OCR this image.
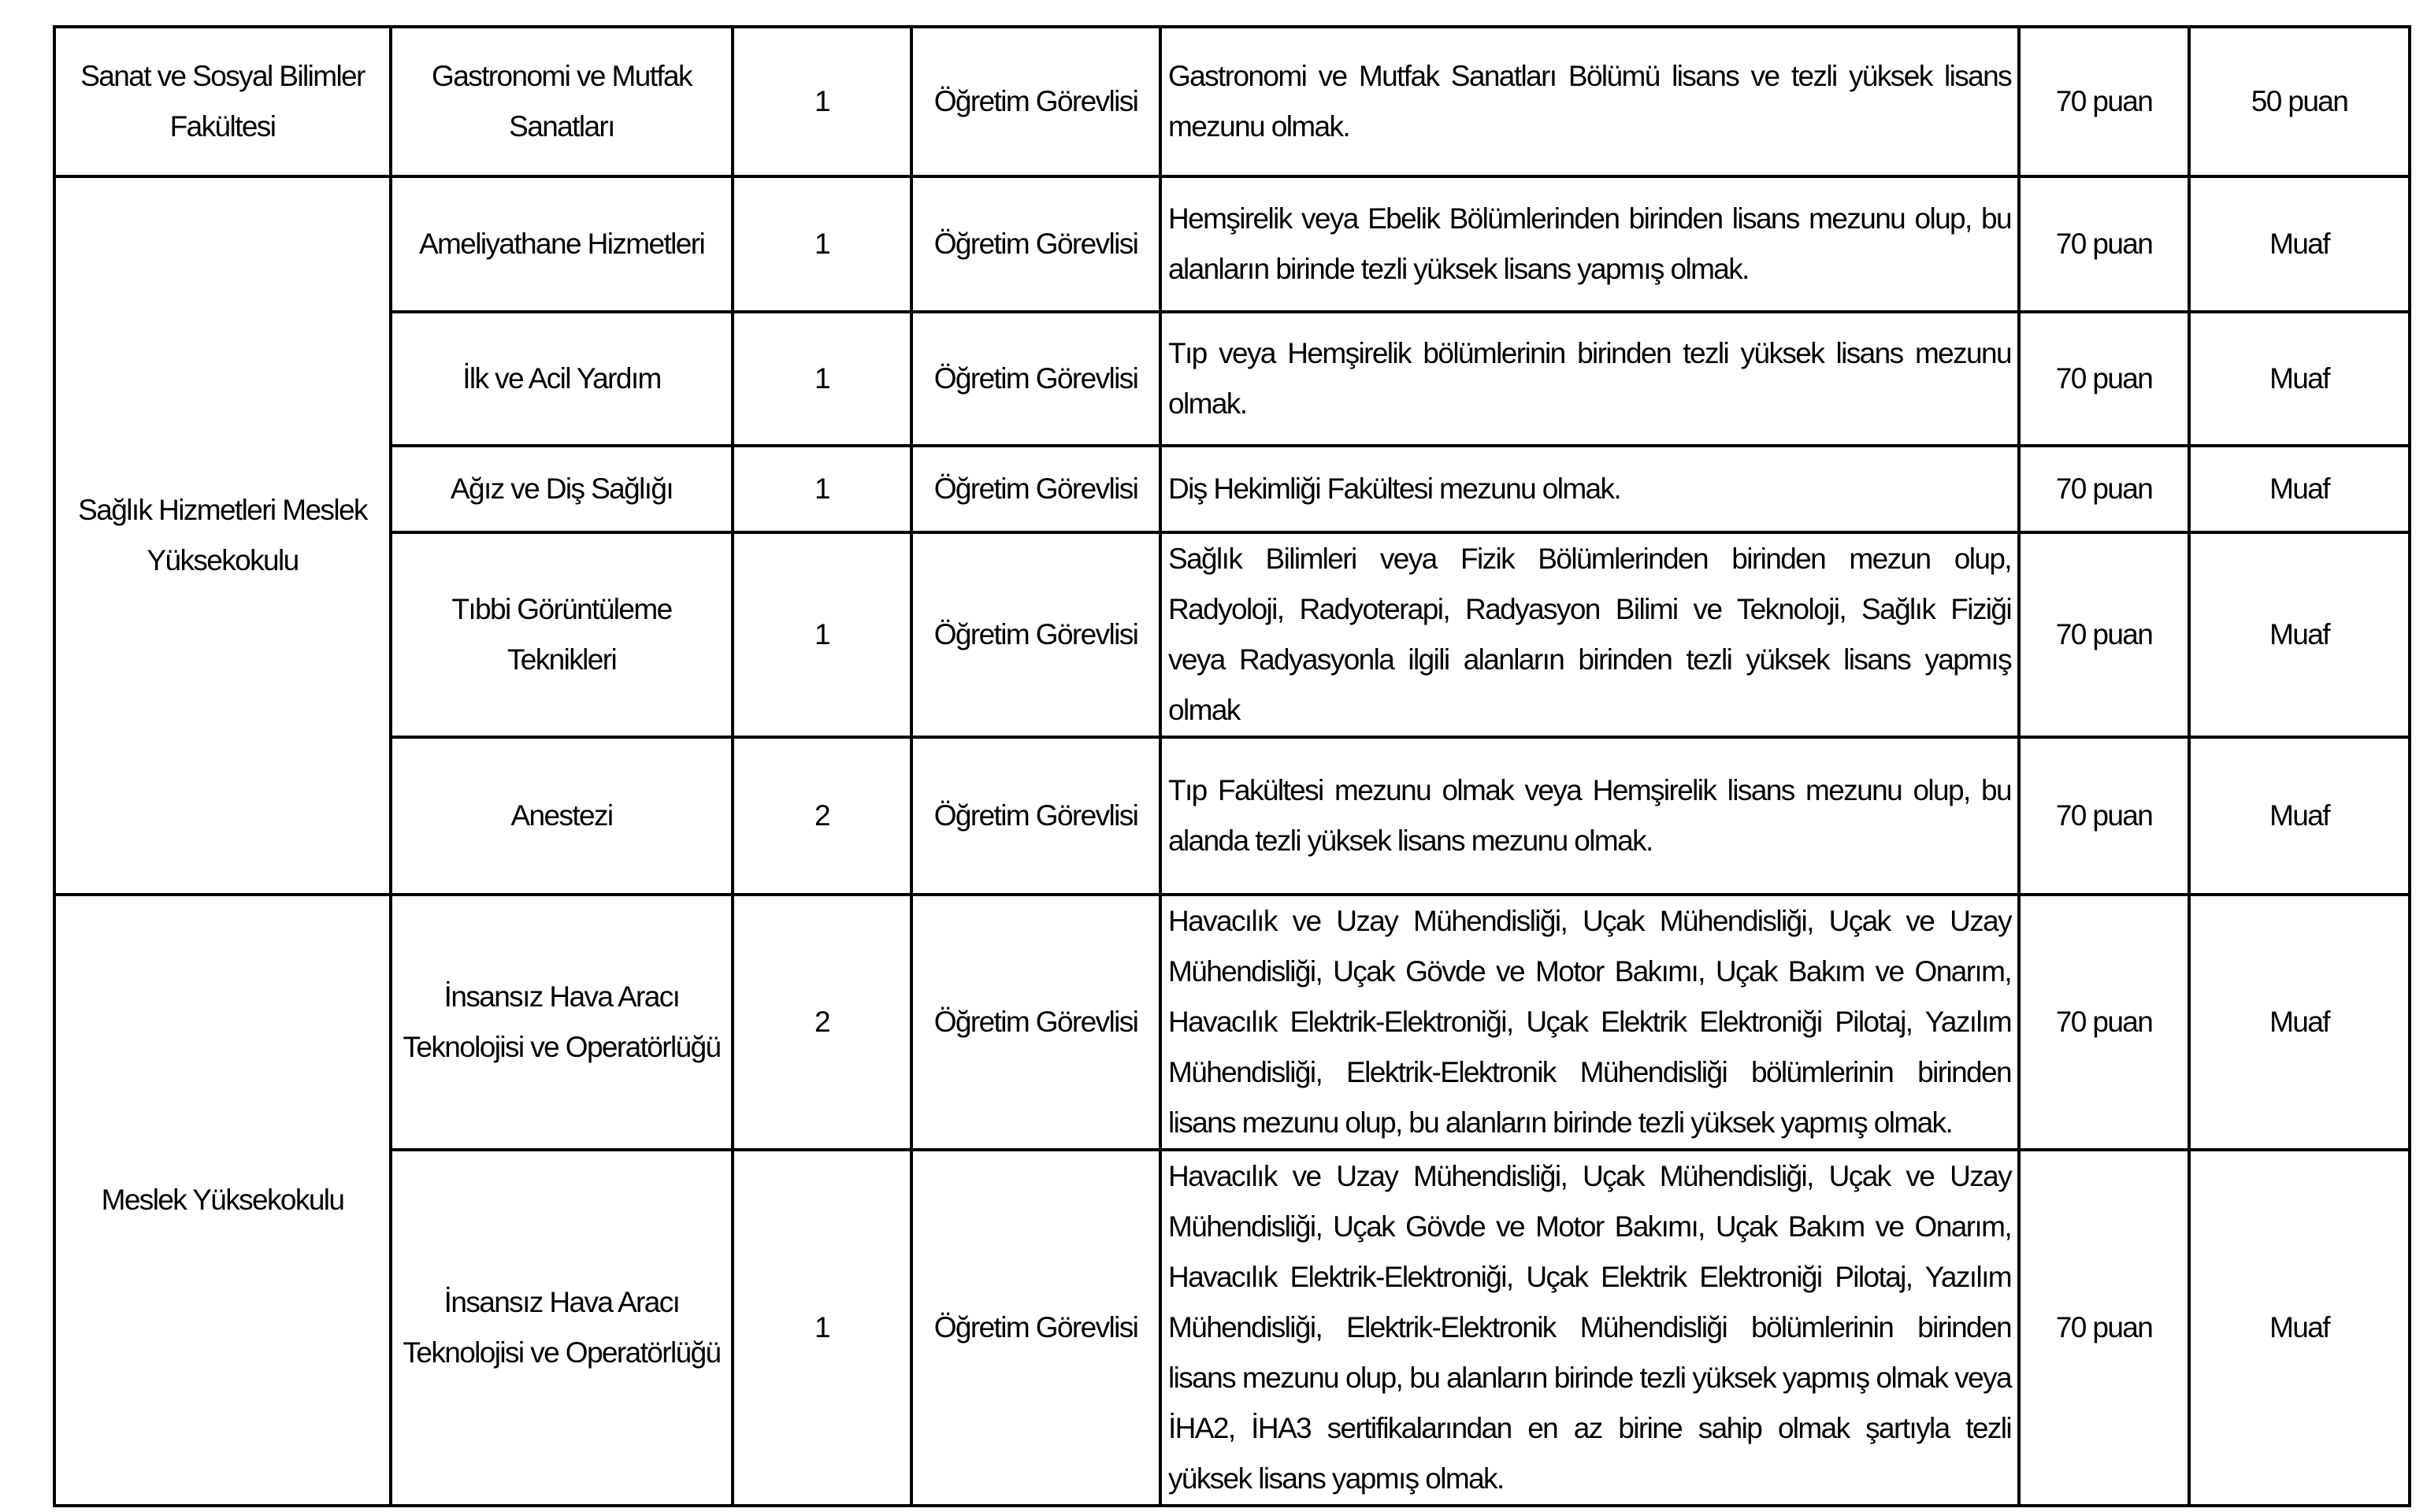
Sanat ve Sosyal Bilimler Fakültesi	Gastronomi ve Mutfak Sanatları	1	Öğretim Görevlisi	Gastronomi ve Mutfak Sanatları Bölümü lisans ve tezli yüksek lisans mezunu olmak.	70 puan	50 puan
Sağlık Hizmetleri Meslek Yüksekokulu	Ameliyathane Hizmetleri	1	Öğretim Görevlisi	Hemşirelik veya Ebelik Bölümlerinden birinden lisans mezunu olup, bu alanların birinde tezli yüksek lisans yapmış olmak.	70 puan	Muaf
	İlk ve Acil Yardım	1	Öğretim Görevlisi	Tıp veya Hemşirelik bölümlerinin birinden tezli yüksek lisans mezunu olmak.	70 puan	Muaf
	Ağız ve Diş Sağlığı	1	Öğretim Görevlisi	Diş Hekimliği Fakültesi mezunu olmak.	70 puan	Muaf
	Tıbbi Görüntüleme Teknikleri	1	Öğretim Görevlisi	Sağlık Bilimleri veya Fizik Bölümlerinden birinden mezun olup, Radyoloji, Radyoterapi, Radyasyon Bilimi ve Teknoloji, Sağlık Fiziği veya Radyasyonla ilgili alanların birinden tezli yüksek lisans yapmış olmak	70 puan	Muaf
	Anestezi	2	Öğretim Görevlisi	Tıp Fakültesi mezunu olmak veya Hemşirelik lisans mezunu olup, bu alanda tezli yüksek lisans mezunu olmak.	70 puan	Muaf
Meslek Yüksekokulu	İnsansız Hava Aracı Teknolojisi ve Operatörlüğü	2	Öğretim Görevlisi	Havacılık ve Uzay Mühendisliği, Uçak Mühendisliği, Uçak ve Uzay Mühendisliği, Uçak Gövde ve Motor Bakımı, Uçak Bakım ve Onarım, Havacılık Elektrik-Elektroniği, Uçak Elektrik Elektroniği Pilotaj, Yazılım Mühendisliği, Elektrik-Elektronik Mühendisliği bölümlerinin birinden lisans mezunu olup, bu alanların birinde tezli yüksek yapmış olmak.	70 puan	Muaf
	İnsansız Hava Aracı Teknolojisi ve Operatörlüğü	1	Öğretim Görevlisi	Havacılık ve Uzay Mühendisliği, Uçak Mühendisliği, Uçak ve Uzay Mühendisliği, Uçak Gövde ve Motor Bakımı, Uçak Bakım ve Onarım, Havacılık Elektrik-Elektroniği, Uçak Elektrik Elektroniği Pilotaj, Yazılım Mühendisliği, Elektrik-Elektronik Mühendisliği bölümlerinin birinden lisans mezunu olup, bu alanların birinde tezli yüksek yapmış olmak veya İHA2, İHA3 sertifikalarından en az birine sahip olmak şartıyla tezli yüksek lisans yapmış olmak.	70 puan	Muaf
